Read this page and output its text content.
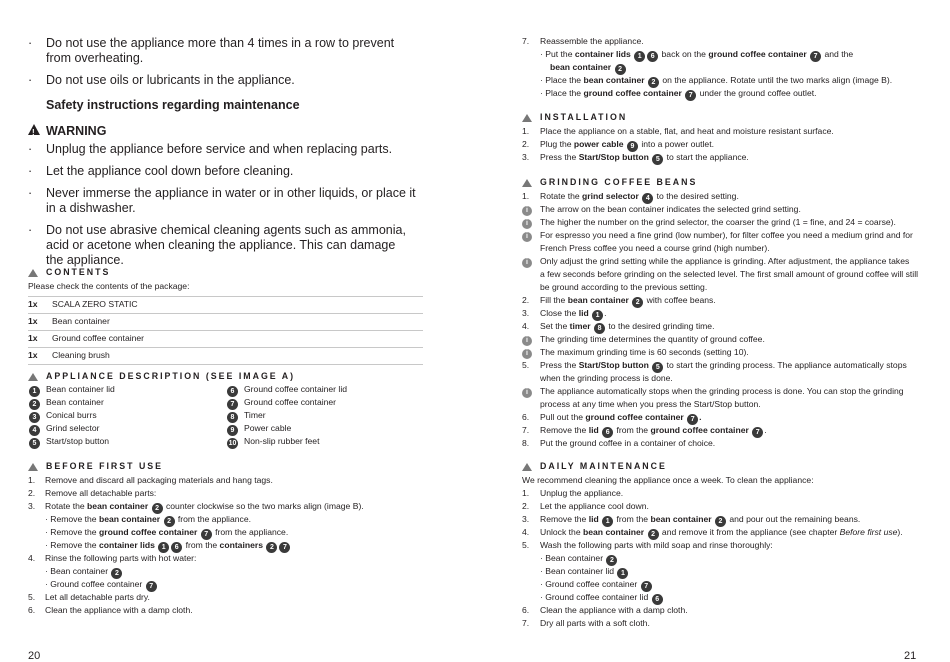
· Do not use the appliance more than 4 times in a row to prevent from overheating.
· Do not use oils or lubricants in the appliance.
Safety instructions regarding maintenance
!
WARNING
· Unplug the appliance before service and when replacing parts.
· Let the appliance cool down before cleaning.
· Never immerse the appliance in water or in other liquids, or place it in a dishwasher.
· Do not use abrasive chemical cleaning agents such as ammonia, acid or acetone when cleaning the appliance. This can damage the appliance.
CONTENTS
Please check the contents of the package:
1x SCALA ZERO STATIC
1x Bean container
1x Ground coffee container
1x Cleaning brush
APPLIANCE DESCRIPTION (SEE IMAGE A)
1 Bean container lid
2 Bean container
3 Conical burrs
4 Grind selector
5 Start/stop button
6 Ground coffee container lid
7 Ground coffee container
8 Timer
9 Power cable
10 Non-slip rubber feet
BEFORE FIRST USE
1. Remove and discard all packaging materials and hang tags.
2. Remove all detachable parts:
3. Rotate the bean container 2 counter clockwise so the two marks align (image B).
· Remove the bean container 2 from the appliance.
· Remove the ground coffee container 7 from the appliance.
· Remove the container lids 1 6 from the containers 2 7
4. Rinse the following parts with hot water:
· Bean container 2
· Ground coffee container 7
5. Let all detachable parts dry.
6. Clean the appliance with a damp cloth.
20
7. Reassemble the appliance.
· Put the container lids 1 6 back on the ground coffee container 7 and the
bean container 2
· Place the bean container 2 on the appliance. Rotate until the two marks align (image B).
· Place the ground coffee container 7 under the ground coffee outlet.
INSTALLATION
1. Place the appliance on a stable, flat, and heat and moisture resistant surface.
2. Plug the power cable 9 into a power outlet.
3. Press the Start/Stop button 5 to start the appliance.
GRINDING COFFEE BEANS
1. Rotate the grind selector 4 to the desired setting.
i The arrow on the bean container indicates the selected grind setting.
i The higher the number on the grind selector, the coarser the grind (1 = fine, and 24 = coarse).
i For espresso you need a fine grind (low number), for filter coffee you need a medium grind and for
French Press coffee you need a course grind (high number).
i Only adjust the grind setting while the appliance is grinding. After adjustment, the appliance takes
a few seconds before grinding on the selected level. The first small amount of ground coffee will still
be ground according to the previous setting.
2. Fill the bean container 2 with coffee beans.
3. Close the lid 1 .
4. Set the timer 8 to the desired grinding time.
i The grinding time determines the quantity of ground coffee.
i The maximum grinding time is 60 seconds (setting 10).
5. Press the Start/Stop button 5 to start the grinding process. The appliance automatically stops
when the grinding process is done.
i The appliance automatically stops when the grinding process is done. You can stop the grinding
process at any time when you press the Start/Stop button.
6. Pull out the ground coffee container 7 .
7. Remove the lid 6 from the ground coffee container 7 .
8. Put the ground coffee in a container of choice.
DAILY MAINTENANCE
We recommend cleaning the appliance once a week. To clean the appliance:
1. Unplug the appliance.
2. Let the appliance cool down.
3. Remove the lid 1 from the bean container 2 and pour out the remaining beans.
4. Unlock the bean container 2 and remove it from the appliance (see chapter Before first use).
5. Wash the following parts with mild soap and rinse thoroughly:
· Bean container 2
· Bean container lid 1
· Ground coffee container 7
· Ground coffee container lid 6
6. Clean the appliance with a damp cloth.
7. Dry all parts with a soft cloth.
21
